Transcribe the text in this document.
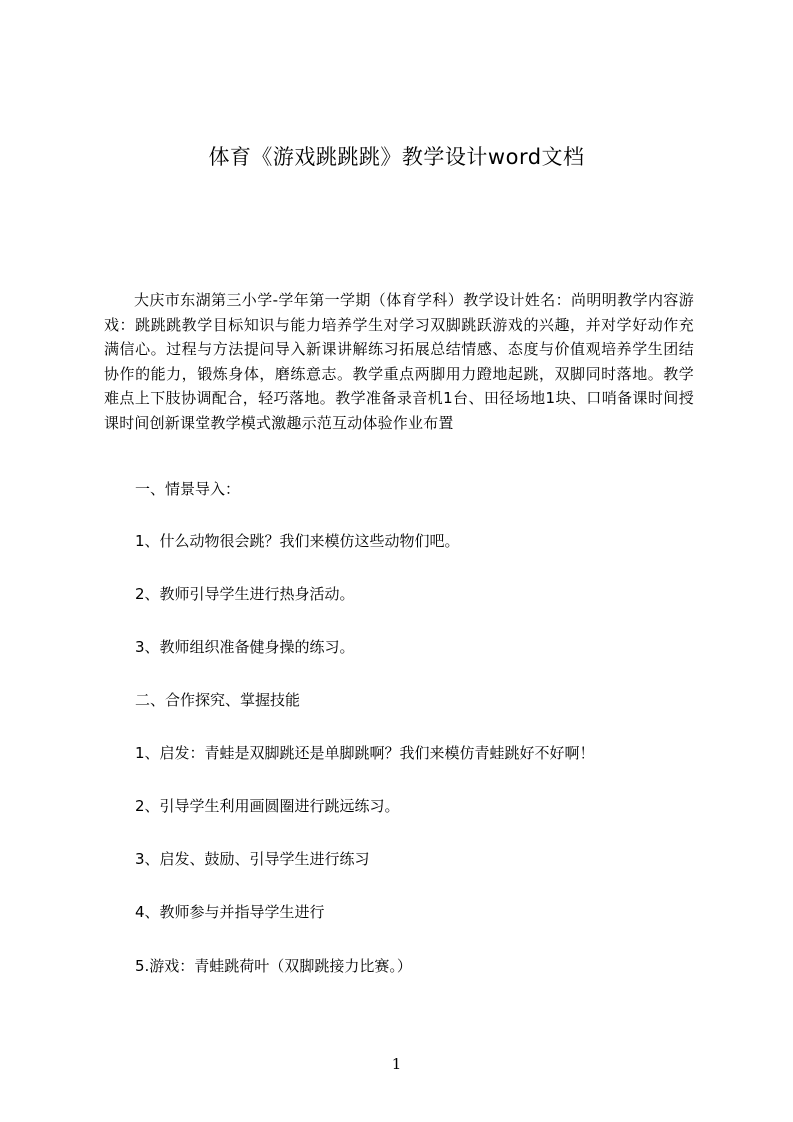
体育《游戏跳跳跳》教学设计word文档
大庆市东湖第三小学-学年第一学期（体育学科）教学设计姓名：尚明明教学内容游戏：跳跳跳教学目标知识与能力培养学生对学习双脚跳跃游戏的兴趣，并对学好动作充满信心。过程与方法提问导入新课讲解练习拓展总结情感、态度与价值观培养学生团结协作的能力，锻炼身体，磨练意志。教学重点两脚用力蹬地起跳，双脚同时落地。教学难点上下肢协调配合，轻巧落地。教学准备录音机1台、田径场地1块、口哨备课时间授课时间创新课堂教学模式激趣示范互动体验作业布置
一、情景导入：
1、什么动物很会跳？我们来模仿这些动物们吧。
2、教师引导学生进行热身活动。
3、教师组织准备健身操的练习。
二、合作探究、掌握技能
1、启发：青蛙是双脚跳还是单脚跳啊？我们来模仿青蛙跳好不好啊！
2、引导学生利用画圆圈进行跳远练习。
3、启发、鼓励、引导学生进行练习
4、教师参与并指导学生进行
5.游戏：青蛙跳荷叶（双脚跳接力比赛。）
1
